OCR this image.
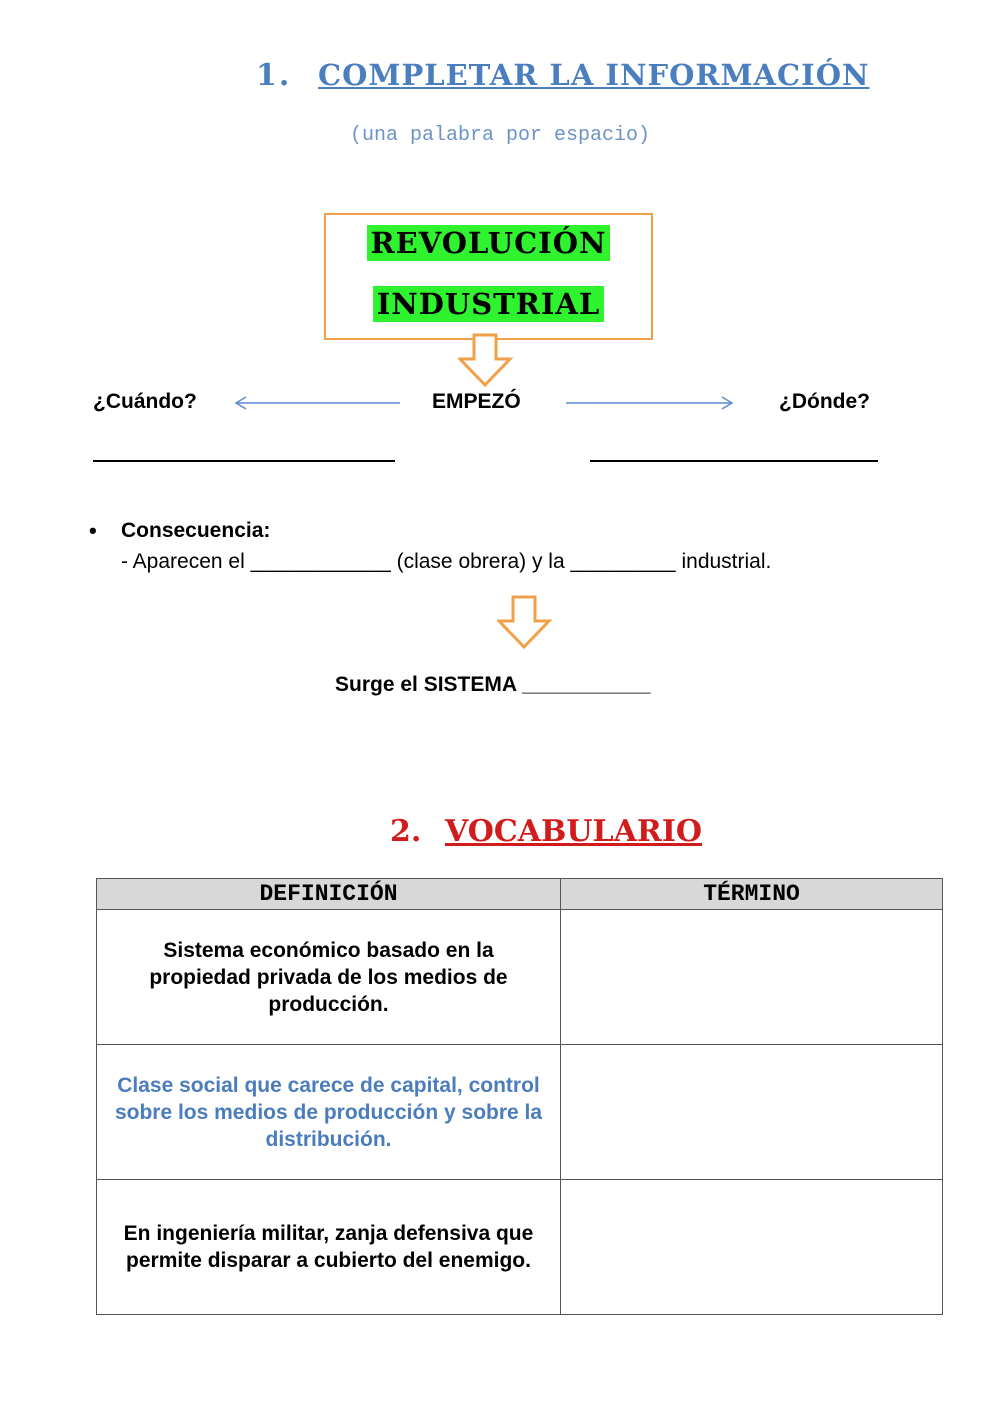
1. COMPLETAR LA INFORMACIÓN
(una palabra por espacio)
REVOLUCIÓN
INDUSTRIAL
¿Cuándo?	EMPEZÓ	¿Dónde?
• Consecuencia:
- Aparecen el ____________ (clase obrera) y la _________ industrial.
Surge el SISTEMA ___________
2. VOCABULARIO
DEFINICIÓN	TÉRMINO

Sistema económico basado en la propiedad privada de los medios de producción.	

Clase social que carece de capital, control sobre los medios de producción y sobre la distribución.	

En ingeniería militar, zanja defensiva que permite disparar a cubierto del enemigo.	
